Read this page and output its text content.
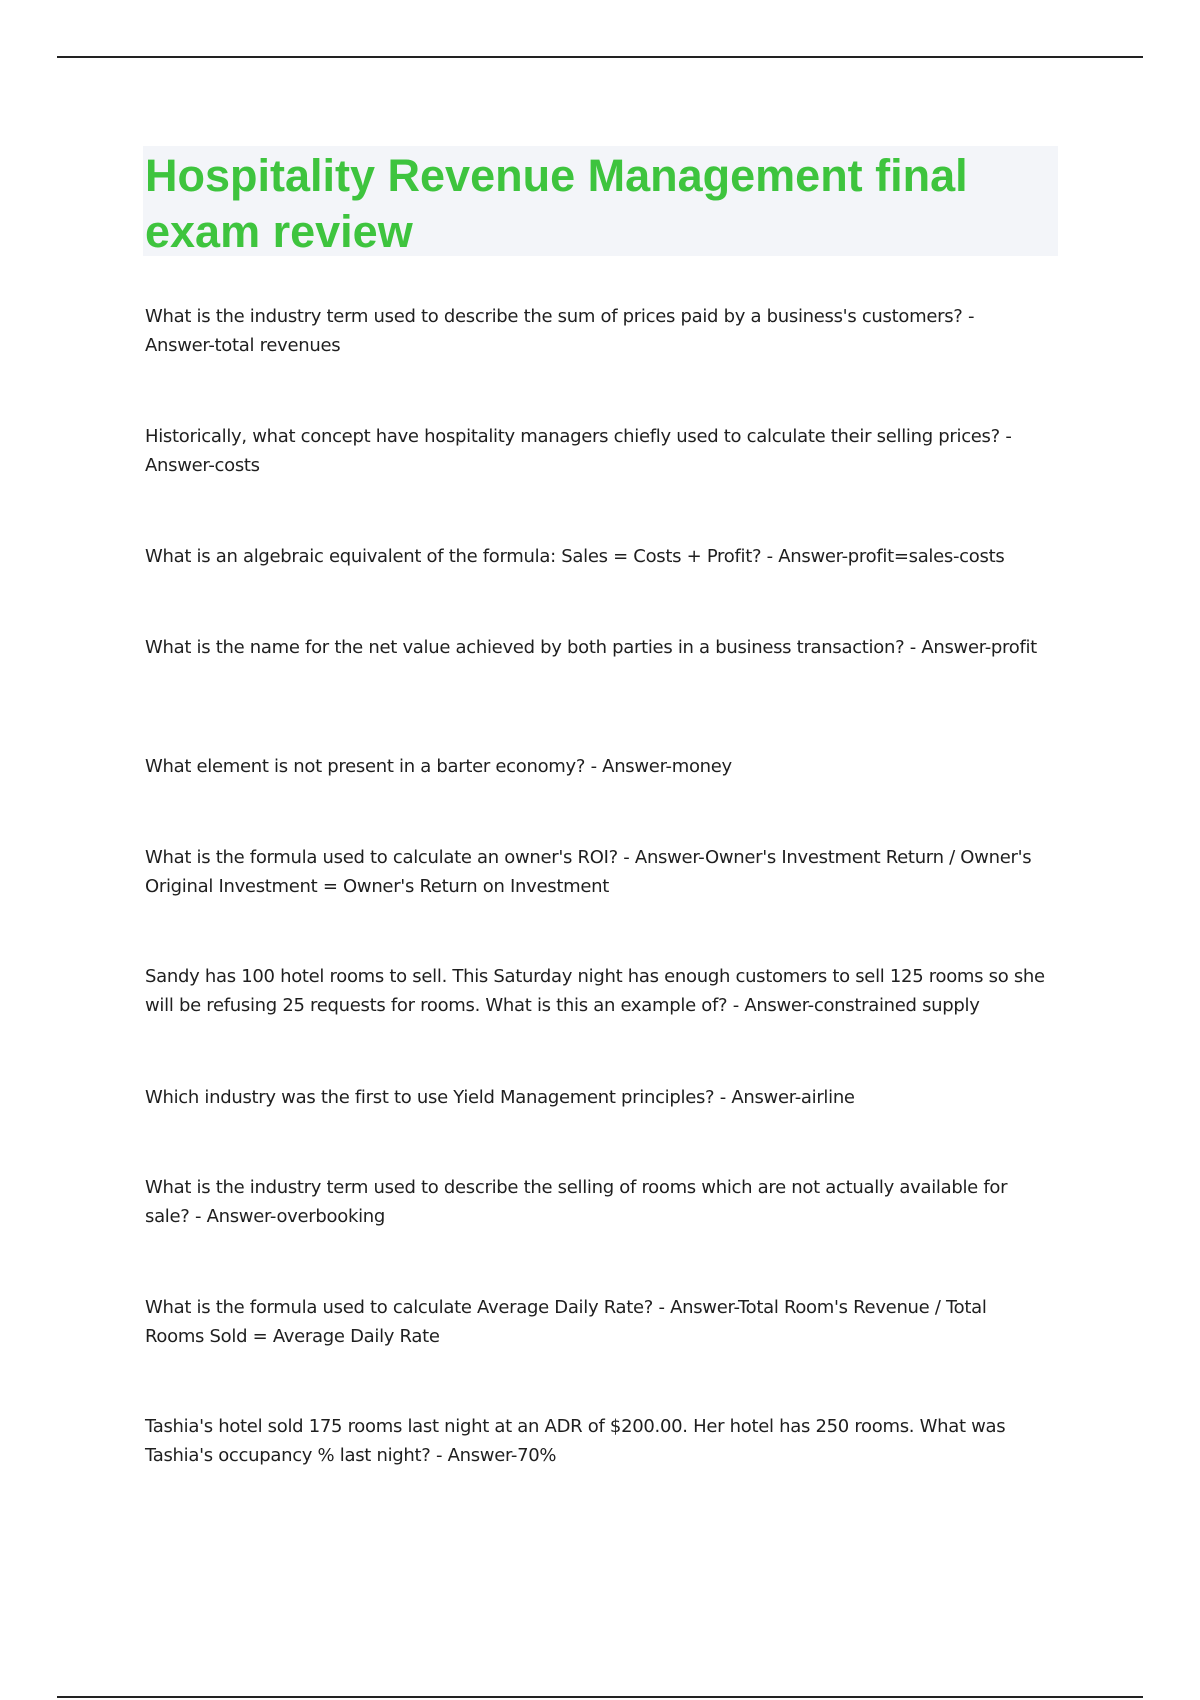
Hospitality Revenue Management final exam review

What is the industry term used to describe the sum of prices paid by a business's customers? - Answer-total revenues

Historically, what concept have hospitality managers chiefly used to calculate their selling prices? - Answer-costs

What is an algebraic equivalent of the formula: Sales = Costs + Profit? - Answer-profit=sales-costs

What is the name for the net value achieved by both parties in a business transaction? - Answer-profit

What element is not present in a barter economy? - Answer-money

What is the formula used to calculate an owner's ROI? - Answer-Owner's Investment Return / Owner's Original Investment = Owner's Return on Investment

Sandy has 100 hotel rooms to sell. This Saturday night has enough customers to sell 125 rooms so she will be refusing 25 requests for rooms. What is this an example of? - Answer-constrained supply

Which industry was the first to use Yield Management principles? - Answer-airline

What is the industry term used to describe the selling of rooms which are not actually available for sale? - Answer-overbooking

What is the formula used to calculate Average Daily Rate? - Answer-Total Room's Revenue / Total Rooms Sold = Average Daily Rate

Tashia's hotel sold 175 rooms last night at an ADR of $200.00. Her hotel has 250 rooms. What was Tashia's occupancy % last night? - Answer-70%
